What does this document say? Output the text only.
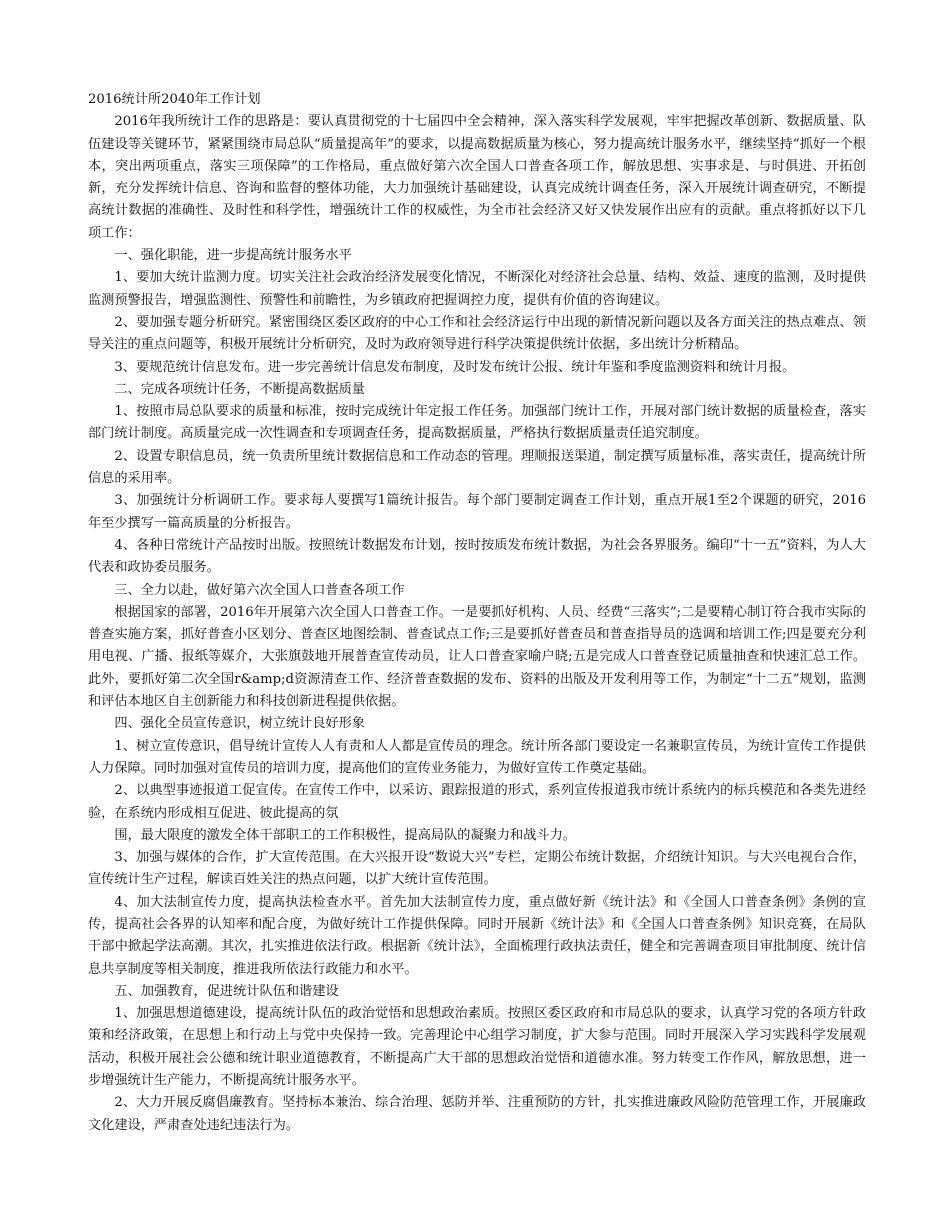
2016统计所2040年工作计划

2016年我所统计工作的思路是：要认真贯彻党的十七届四中全会精神，深入落实科学发展观，牢牢把握改革创新、数据质量、队伍建设等关键环节，紧紧围绕市局总队“质量提高年”的要求，以提高数据质量为核心，努力提高统计服务水平，继续坚持“抓好一个根本，突出两项重点，落实三项保障”的工作格局，重点做好第六次全国人口普查各项工作，解放思想、实事求是、与时俱进、开拓创新，充分发挥统计信息、咨询和监督的整体功能，大力加强统计基础建设，认真完成统计调查任务，深入开展统计调查研究，不断提高统计数据的准确性、及时性和科学性，增强统计工作的权威性，为全市社会经济又好又快发展作出应有的贡献。重点将抓好以下几项工作：

一、强化职能，进一步提高统计服务水平

1、要加大统计监测力度。切实关注社会政治经济发展变化情况，不断深化对经济社会总量、结构、效益、速度的监测，及时提供监测预警报告，增强监测性、预警性和前瞻性，为乡镇政府把握调控力度，提供有价值的咨询建议。

2、要加强专题分析研究。紧密围绕区委区政府的中心工作和社会经济运行中出现的新情况新问题以及各方面关注的热点难点、领导关注的重点问题等，积极开展统计分析研究，及时为政府领导进行科学决策提供统计依据，多出统计分析精品。

3、要规范统计信息发布。进一步完善统计信息发布制度，及时发布统计公报、统计年鉴和季度监测资料和统计月报。

二、完成各项统计任务，不断提高数据质量

1、按照市局总队要求的质量和标准，按时完成统计年定报工作任务。加强部门统计工作，开展对部门统计数据的质量检查，落实部门统计制度。高质量完成一次性调查和专项调查任务，提高数据质量，严格执行数据质量责任追究制度。

2、设置专职信息员，统一负责所里统计数据信息和工作动态的管理。理顺报送渠道，制定撰写质量标准，落实责任，提高统计所信息的采用率。

3、加强统计分析调研工作。要求每人要撰写1篇统计报告。每个部门要制定调查工作计划，重点开展1至2个课题的研究，2016年至少撰写一篇高质量的分析报告。

4、各种日常统计产品按时出版。按照统计数据发布计划，按时按质发布统计数据，为社会各界服务。编印“十一五”资料，为人大代表和政协委员服务。

三、全力以赴，做好第六次全国人口普查各项工作

根据国家的部署，2016年开展第六次全国人口普查工作。一是要抓好机构、人员、经费“三落实”;二是要精心制订符合我市实际的普查实施方案，抓好普查小区划分、普查区地图绘制、普查试点工作;三是要抓好普查员和普查指导员的选调和培训工作;四是要充分利用电视、广播、报纸等媒介，大张旗鼓地开展普查宣传动员，让人口普查家喻户晓;五是完成人口普查登记质量抽查和快速汇总工作。此外，要抓好第二次全国r&amp;d资源清查工作、经济普查数据的发布、资料的出版及开发利用等工作，为制定“十二五”规划，监测和评估本地区自主创新能力和科技创新进程提供依据。

四、强化全员宣传意识，树立统计良好形象

1、树立宣传意识，倡导统计宣传人人有责和人人都是宣传员的理念。统计所各部门要设定一名兼职宣传员，为统计宣传工作提供人力保障。同时加强对宣传员的培训力度，提高他们的宣传业务能力，为做好宣传工作奠定基础。

2、以典型事迹报道工促宣传。在宣传工作中，以采访、跟踪报道的形式，系列宣传报道我市统计系统内的标兵模范和各类先进经验，在系统内形成相互促进、彼此提高的氛

围，最大限度的激发全体干部职工的工作积极性，提高局队的凝聚力和战斗力。

3、加强与媒体的合作，扩大宣传范围。在大兴报开设“数说大兴”专栏，定期公布统计数据，介绍统计知识。与大兴电视台合作，宣传统计生产过程，解读百姓关注的热点问题，以扩大统计宣传范围。

4、加大法制宣传力度，提高执法检查水平。首先加大法制宣传力度，重点做好新《统计法》和《全国人口普查条例》条例的宣传，提高社会各界的认知率和配合度，为做好统计工作提供保障。同时开展新《统计法》和《全国人口普查条例》知识竞赛，在局队干部中掀起学法高潮。其次，扎实推进依法行政。根据新《统计法》，全面梳理行政执法责任，健全和完善调查项目审批制度、统计信息共享制度等相关制度，推进我所依法行政能力和水平。

五、加强教育，促进统计队伍和谐建设

1、加强思想道德建设，提高统计队伍的政治觉悟和思想政治素质。按照区委区政府和市局总队的要求，认真学习党的各项方针政策和经济政策，在思想上和行动上与党中央保持一致。完善理论中心组学习制度，扩大参与范围。同时开展深入学习实践科学发展观活动，积极开展社会公德和统计职业道德教育，不断提高广大干部的思想政治觉悟和道德水准。努力转变工作作风，解放思想，进一步增强统计生产能力，不断提高统计服务水平。

2、大力开展反腐倡廉教育。坚持标本兼治、综合治理、惩防并举、注重预防的方针，扎实推进廉政风险防范管理工作，开展廉政文化建设，严肃查处违纪违法行为。
